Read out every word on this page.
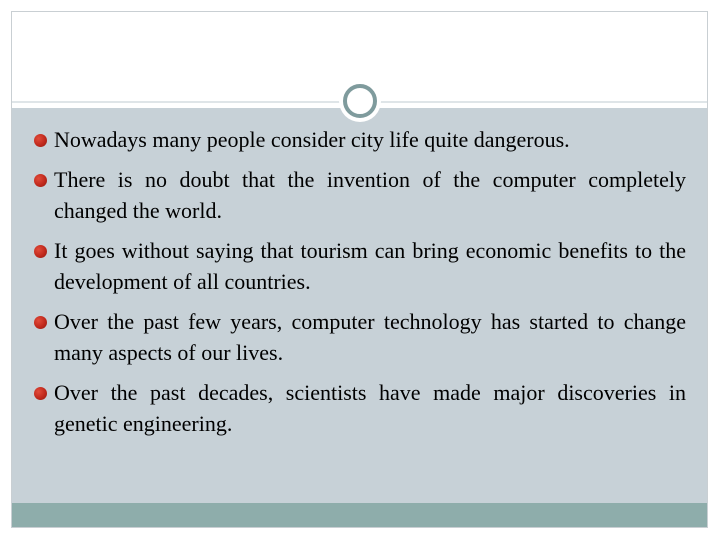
Nowadays many people consider city life quite dangerous.
There is no doubt that the invention of the computer completely changed the world.
It goes without saying that tourism can bring economic benefits to the development of all countries.
Over the past few years, computer technology has started to change many aspects of our lives.
Over the past decades, scientists have made major discoveries in genetic engineering.
